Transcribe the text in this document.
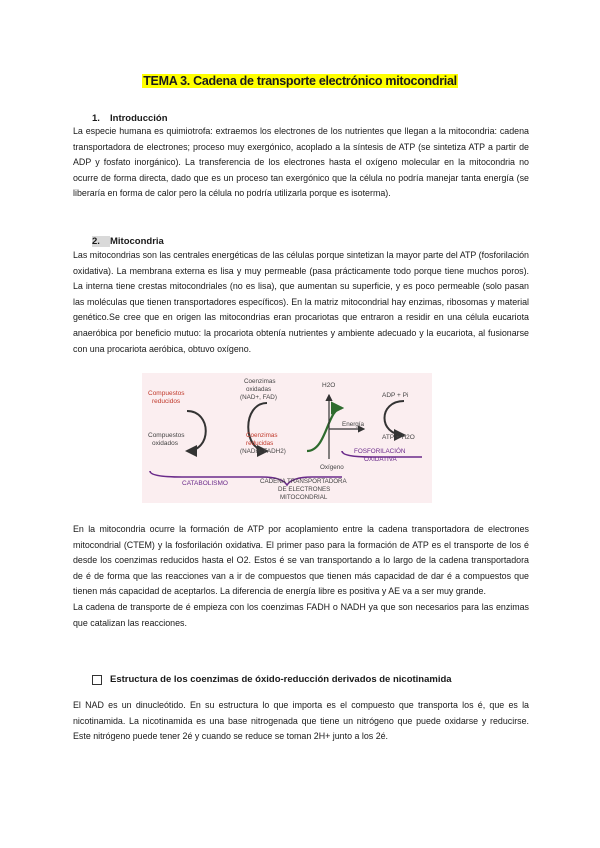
TEMA 3. Cadena de transporte electrónico mitocondrial
1. Introducción

La especie humana es quimiotrofa: extraemos los electrones de los nutrientes que llegan a la mitocondria: cadena transportadora de electrones; proceso muy exergónico, acoplado a la síntesis de ATP (se sintetiza ATP a partir de ADP y fosfato inorgánico). La transferencia de los electrones hasta el oxígeno molecular en la mitocondria no ocurre de forma directa, dado que es un proceso tan exergónico que la célula no podría manejar tanta energía (se liberaría en forma de calor pero la célula no podría utilizarla porque es isoterma).

2. Mitocondria

Las mitocondrias son las centrales energéticas de las células porque sintetizan la mayor parte del ATP (fosforilación oxidativa). La membrana externa es lisa y muy permeable (pasa prácticamente todo porque tiene muchos poros). La interna tiene crestas mitocondriales (no es lisa), que aumentan su superficie, y es poco permeable (solo pasan las moléculas que tienen transportadores específicos). En la matriz mitocondrial hay enzimas, ribosomas y material genético.Se cree que en origen las mitocondrias eran procariotas que entraron a residir en una célula eucariota anaeróbica por beneficio mutuo: la procariota obtenía nutrientes y ambiente adecuado y la eucariota, al fusionarse con una procariota aeróbica, obtuvo oxígeno.

Compuestos
reducidos
Compuestos
oxidados
Coenzimas
oxidadas
(NAD+, FAD)
Coenzimas
reducidas
(NADH, FADH2)
H2O
Oxígeno
Energía
ADP + Pi
ATP + H2O
CATABOLISMO
FOSFORILACIÓN
OXIDATIVA
CADENA TRANSPORTADORA
DE ELECTRONES
MITOCONDRIAL

En la mitocondria ocurre la formación de ATP por acoplamiento entre la cadena transportadora de electrones mitocondrial (CTEM) y la fosforilación oxidativa. El primer paso para la formación de ATP es el transporte de los é desde los coenzimas reducidos hasta el O2. Estos é se van transportando a lo largo de la cadena transportadora de é de forma que las reacciones van a ir de compuestos que tienen más capacidad de dar é a compuestos que tienen más capacidad de aceptarlos. La diferencia de energía libre es positiva y AE va a ser muy grande.

La cadena de transporte de é empieza con los coenzimas FADH o NADH ya que son necesarios para las enzimas que catalizan las reacciones.

Estructura de los coenzimas de óxido-reducción derivados de nicotinamida

El NAD es un dinucleótido. En su estructura lo que importa es el compuesto que transporta los é, que es la nicotinamida. La nicotinamida es una base nitrogenada que tiene un nitrógeno que puede oxidarse y reducirse. Este nitrógeno puede tener 2é y cuando se reduce se toman 2H+ junto a los 2é.
